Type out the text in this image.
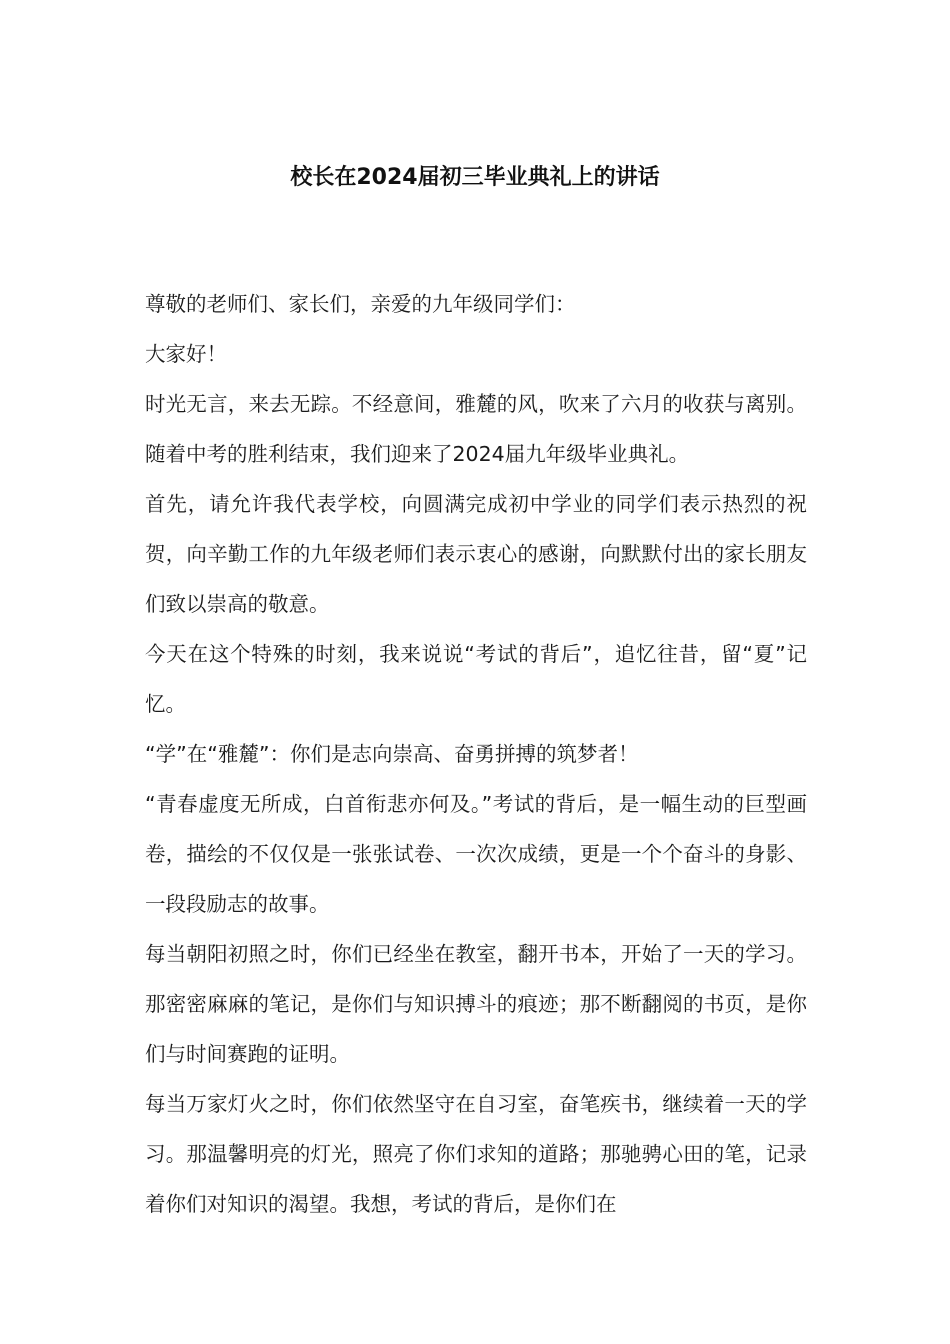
校长在2024届初三毕业典礼上的讲话

尊敬的老师们、家长们，亲爱的九年级同学们：

大家好！

时光无言，来去无踪。不经意间，雅麓的风，吹来了六月的收获与离别。随着中考的胜利结束，我们迎来了2024届九年级毕业典礼。

首先，请允许我代表学校，向圆满完成初中学业的同学们表示热烈的祝贺，向辛勤工作的九年级老师们表示衷心的感谢，向默默付出的家长朋友们致以崇高的敬意。

今天在这个特殊的时刻，我来说说“考试的背后”，追忆往昔，留“夏”记忆。

“学”在“雅麓”：你们是志向崇高、奋勇拼搏的筑梦者！

“青春虚度无所成，白首衔悲亦何及。”考试的背后，是一幅生动的巨型画卷，描绘的不仅仅是一张张试卷、一次次成绩，更是一个个奋斗的身影、一段段励志的故事。

每当朝阳初照之时，你们已经坐在教室，翻开书本，开始了一天的学习。那密密麻麻的笔记，是你们与知识搏斗的痕迹；那不断翻阅的书页，是你们与时间赛跑的证明。

每当万家灯火之时，你们依然坚守在自习室，奋笔疾书，继续着一天的学习。那温馨明亮的灯光，照亮了你们求知的道路；那驰骋心田的笔，记录着你们对知识的渴望。我想，考试的背后，是你们在
